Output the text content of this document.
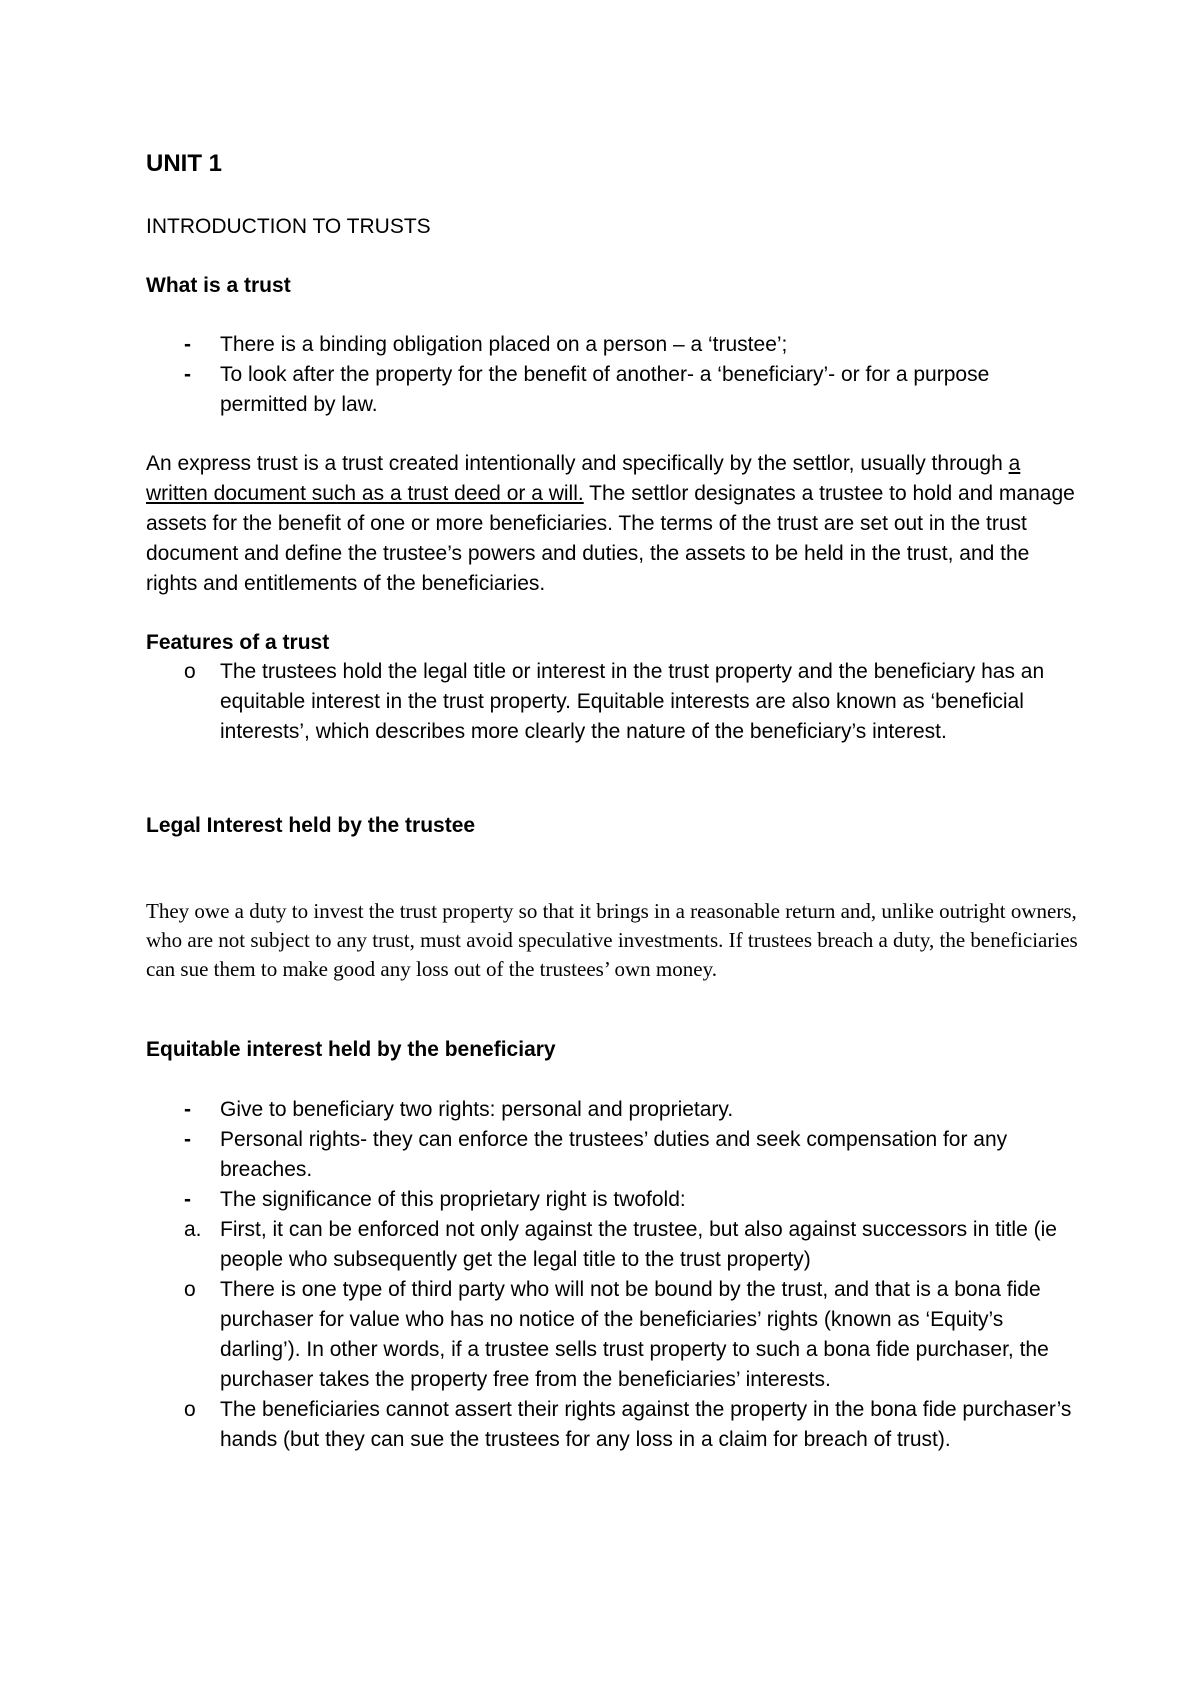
UNIT 1
INTRODUCTION TO TRUSTS
What is a trust
- There is a binding obligation placed on a person – a ‘trustee’;
- To look after the property for the benefit of another- a ‘beneficiary’- or for a purpose permitted by law.
An express trust is a trust created intentionally and specifically by the settlor, usually through a written document such as a trust deed or a will. The settlor designates a trustee to hold and manage assets for the benefit of one or more beneficiaries. The terms of the trust are set out in the trust document and define the trustee’s powers and duties, the assets to be held in the trust, and the rights and entitlements of the beneficiaries.
Features of a trust
o The trustees hold the legal title or interest in the trust property and the beneficiary has an equitable interest in the trust property. Equitable interests are also known as ‘beneficial interests’, which describes more clearly the nature of the beneficiary’s interest.
Legal Interest held by the trustee
They owe a duty to invest the trust property so that it brings in a reasonable return and, unlike outright owners, who are not subject to any trust, must avoid speculative investments. If trustees breach a duty, the beneficiaries can sue them to make good any loss out of the trustees’ own money.
Equitable interest held by the beneficiary
- Give to beneficiary two rights: personal and proprietary.
- Personal rights- they can enforce the trustees’ duties and seek compensation for any breaches.
- The significance of this proprietary right is twofold:
a. First, it can be enforced not only against the trustee, but also against successors in title (ie people who subsequently get the legal title to the trust property)
o There is one type of third party who will not be bound by the trust, and that is a bona fide purchaser for value who has no notice of the beneficiaries’ rights (known as ‘Equity’s darling’). In other words, if a trustee sells trust property to such a bona fide purchaser, the purchaser takes the property free from the beneficiaries’ interests.
o The beneficiaries cannot assert their rights against the property in the bona fide purchaser’s hands (but they can sue the trustees for any loss in a claim for breach of trust).
